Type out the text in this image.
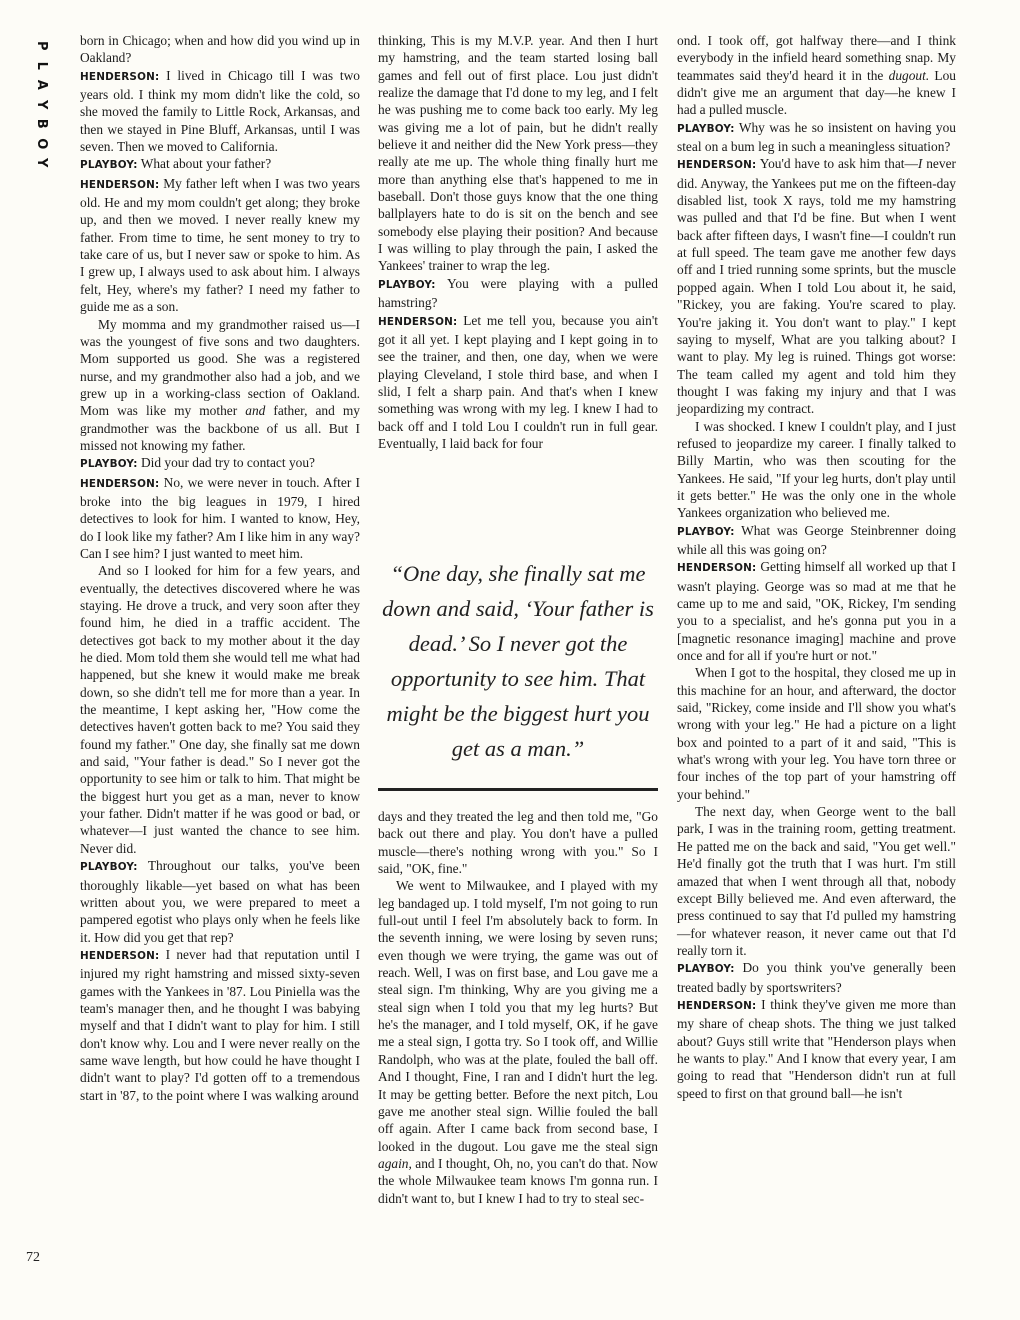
P
L
A
Y
B
O
Y
72

born in Chicago; when and how did you wind up in Oakland?

HENDERSON: I lived in Chicago till I was two years old. I think my mom didn't like the cold, so she moved the family to Little Rock, Arkansas, and then we stayed in Pine Bluff, Arkansas, until I was seven. Then we moved to California.

PLAYBOY: What about your father?

HENDERSON: My father left when I was two years old. He and my mom couldn't get along; they broke up, and then we moved. I never really knew my father. From time to time, he sent money to try to take care of us, but I never saw or spoke to him. As I grew up, I always used to ask about him. I always felt, Hey, where's my father? I need my father to guide me as a son.

My momma and my grandmother raised us—I was the youngest of five sons and two daughters. Mom supported us good. She was a registered nurse, and my grandmother also had a job, and we grew up in a working-class section of Oakland. Mom was like my mother and father, and my grandmother was the backbone of us all. But I missed not knowing my father.

PLAYBOY: Did your dad try to contact you?

HENDERSON: No, we were never in touch. After I broke into the big leagues in 1979, I hired detectives to look for him. I wanted to know, Hey, do I look like my father? Am I like him in any way? Can I see him? I just wanted to meet him.

And so I looked for him for a few years, and eventually, the detectives discovered where he was staying. He drove a truck, and very soon after they found him, he died in a traffic accident. The detectives got back to my mother about it the day he died. Mom told them she would tell me what had happened, but she knew it would make me break down, so she didn't tell me for more than a year. In the meantime, I kept asking her, "How come the detectives haven't gotten back to me? You said they found my father." One day, she finally sat me down and said, "Your father is dead." So I never got the opportunity to see him or talk to him. That might be the biggest hurt you get as a man, never to know your father. Didn't matter if he was good or bad, or whatever—I just wanted the chance to see him. Never did.

PLAYBOY: Throughout our talks, you've been thoroughly likable—yet based on what has been written about you, we were prepared to meet a pampered egotist who plays only when he feels like it. How did you get that rep?

HENDERSON: I never had that reputation until I injured my right hamstring and missed sixty-seven games with the Yankees in '87. Lou Piniella was the team's manager then, and he thought I was babying myself and that I didn't want to play for him. I still don't know why. Lou and I were never really on the same wave length, but how could he have thought I didn't want to play? I'd gotten off to a tremendous start in '87, to the point where I was walking around

thinking, This is my M.V.P. year. And then I hurt my hamstring, and the team started losing ball games and fell out of first place. Lou just didn't realize the damage that I'd done to my leg, and I felt he was pushing me to come back too early. My leg was giving me a lot of pain, but he didn't really believe it and neither did the New York press—they really ate me up. The whole thing finally hurt me more than anything else that's happened to me in baseball. Don't those guys know that the one thing ballplayers hate to do is sit on the bench and see somebody else playing their position? And because I was willing to play through the pain, I asked the Yankees' trainer to wrap the leg.

PLAYBOY: You were playing with a pulled hamstring?

HENDERSON: Let me tell you, because you ain't got it all yet. I kept playing and I kept going in to see the trainer, and then, one day, when we were playing Cleveland, I stole third base, and when I slid, I felt a sharp pain. And that's when I knew something was wrong with my leg. I knew I had to back off and I told Lou I couldn't run in full gear. Eventually, I laid back for four

“One day, she finally sat me down and said, ‘Your father is dead.’ So I never got the opportunity to see him. That might be the biggest hurt you get as a man.”

days and they treated the leg and then told me, "Go back out there and play. You don't have a pulled muscle—there's nothing wrong with you." So I said, "OK, fine."

We went to Milwaukee, and I played with my leg bandaged up. I told myself, I'm not going to run full-out until I feel I'm absolutely back to form. In the seventh inning, we were losing by seven runs; even though we were trying, the game was out of reach. Well, I was on first base, and Lou gave me a steal sign. I'm thinking, Why are you giving me a steal sign when I told you that my leg hurts? But he's the manager, and I told myself, OK, if he gave me a steal sign, I gotta try. So I took off, and Willie Randolph, who was at the plate, fouled the ball off. And I thought, Fine, I ran and I didn't hurt the leg. It may be getting better. Before the next pitch, Lou gave me another steal sign. Willie fouled the ball off again. After I came back from second base, I looked in the dugout. Lou gave me the steal sign again, and I thought, Oh, no, you can't do that. Now the whole Milwaukee team knows I'm gonna run. I didn't want to, but I knew I had to try to steal sec-

ond. I took off, got halfway there—and I think everybody in the infield heard something snap. My teammates said they'd heard it in the dugout. Lou didn't give me an argument that day—he knew I had a pulled muscle.

PLAYBOY: Why was he so insistent on having you steal on a bum leg in such a meaningless situation?

HENDERSON: You'd have to ask him that—I never did. Anyway, the Yankees put me on the fifteen-day disabled list, took X rays, told me my hamstring was pulled and that I'd be fine. But when I went back after fifteen days, I wasn't fine—I couldn't run at full speed. The team gave me another few days off and I tried running some sprints, but the muscle popped again. When I told Lou about it, he said, "Rickey, you are faking. You're scared to play. You're jaking it. You don't want to play." I kept saying to myself, What are you talking about? I want to play. My leg is ruined. Things got worse: The team called my agent and told him they thought I was faking my injury and that I was jeopardizing my contract.

I was shocked. I knew I couldn't play, and I just refused to jeopardize my career. I finally talked to Billy Martin, who was then scouting for the Yankees. He said, "If your leg hurts, don't play until it gets better." He was the only one in the whole Yankees organization who believed me.

PLAYBOY: What was George Steinbrenner doing while all this was going on?

HENDERSON: Getting himself all worked up that I wasn't playing. George was so mad at me that he came up to me and said, "OK, Rickey, I'm sending you to a specialist, and he's gonna put you in a [magnetic resonance imaging] machine and prove once and for all if you're hurt or not."

When I got to the hospital, they closed me up in this machine for an hour, and afterward, the doctor said, "Rickey, come inside and I'll show you what's wrong with your leg." He had a picture on a light box and pointed to a part of it and said, "This is what's wrong with your leg. You have torn three or four inches of the top part of your hamstring off your behind."

The next day, when George went to the ball park, I was in the training room, getting treatment. He patted me on the back and said, "You get well." He'd finally got the truth that I was hurt. I'm still amazed that when I went through all that, nobody except Billy believed me. And even afterward, the press continued to say that I'd pulled my hamstring—for whatever reason, it never came out that I'd really torn it.

PLAYBOY: Do you think you've generally been treated badly by sportswriters?

HENDERSON: I think they've given me more than my share of cheap shots. The thing we just talked about? Guys still write that "Henderson plays when he wants to play." And I know that every year, I am going to read that "Henderson didn't run at full speed to first on that ground ball—he isn't
